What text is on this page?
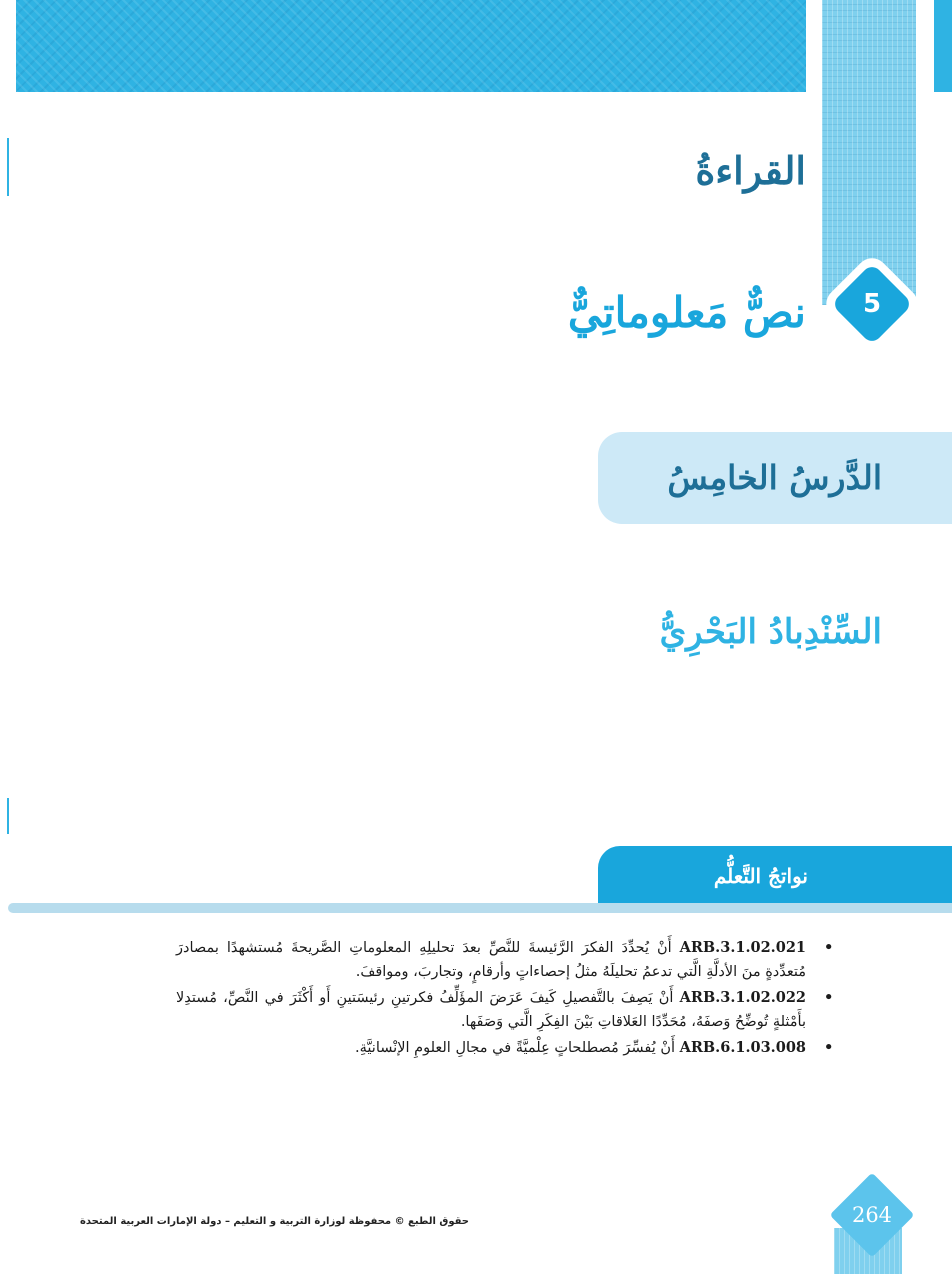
القراءةُ
5
نصٌّ مَعلوماتِيٌّ
الدَّرسُ الخامِسُ
السِّنْدِبادُ البَحْرِيُّ
نواتجُ التَّعلُّم
•
ARB.3.1.02.021 أَنْ يُحدِّدَ الفكرَ الرَّئيسةَ للنَّصِّ بعدَ تحليلِهِ المعلوماتِ الصَّريحةَ مُستشهدًا بمصادرَ مُتعدِّدةٍ منَ الأدلَّةِ الَّتي تدعمُ تحليلَهُ مثلُ إحصاءاتٍ وأرقامٍ، وتجاربَ، ومواقفَ.
•
ARB.3.1.02.022 أَنْ يَصِفَ بالتَّفصيلِ كَيفَ عَرَضَ المؤَلِّفُ فكرتينِ رئيسَتينِ أَو أَكْثَرَ في النَّصِّ، مُستدِلا بأَمْثلةٍ تُوضِّحُ وَصفَهُ، مُحَدِّدًا العَلاقاتِ بَيْنَ الفِكَرِ الَّتي وَصَفَها.
•
ARB.6.1.03.008 أَنْ يُفسِّرَ مُصطلحاتٍ عِلْميَّةً في مجالِ العلومِ الإنْسانيَّةِ.
حقوق الطبع © محفوظة لوزارة التربية و التعليم – دولة الإمارات العربية المتحدة	264
